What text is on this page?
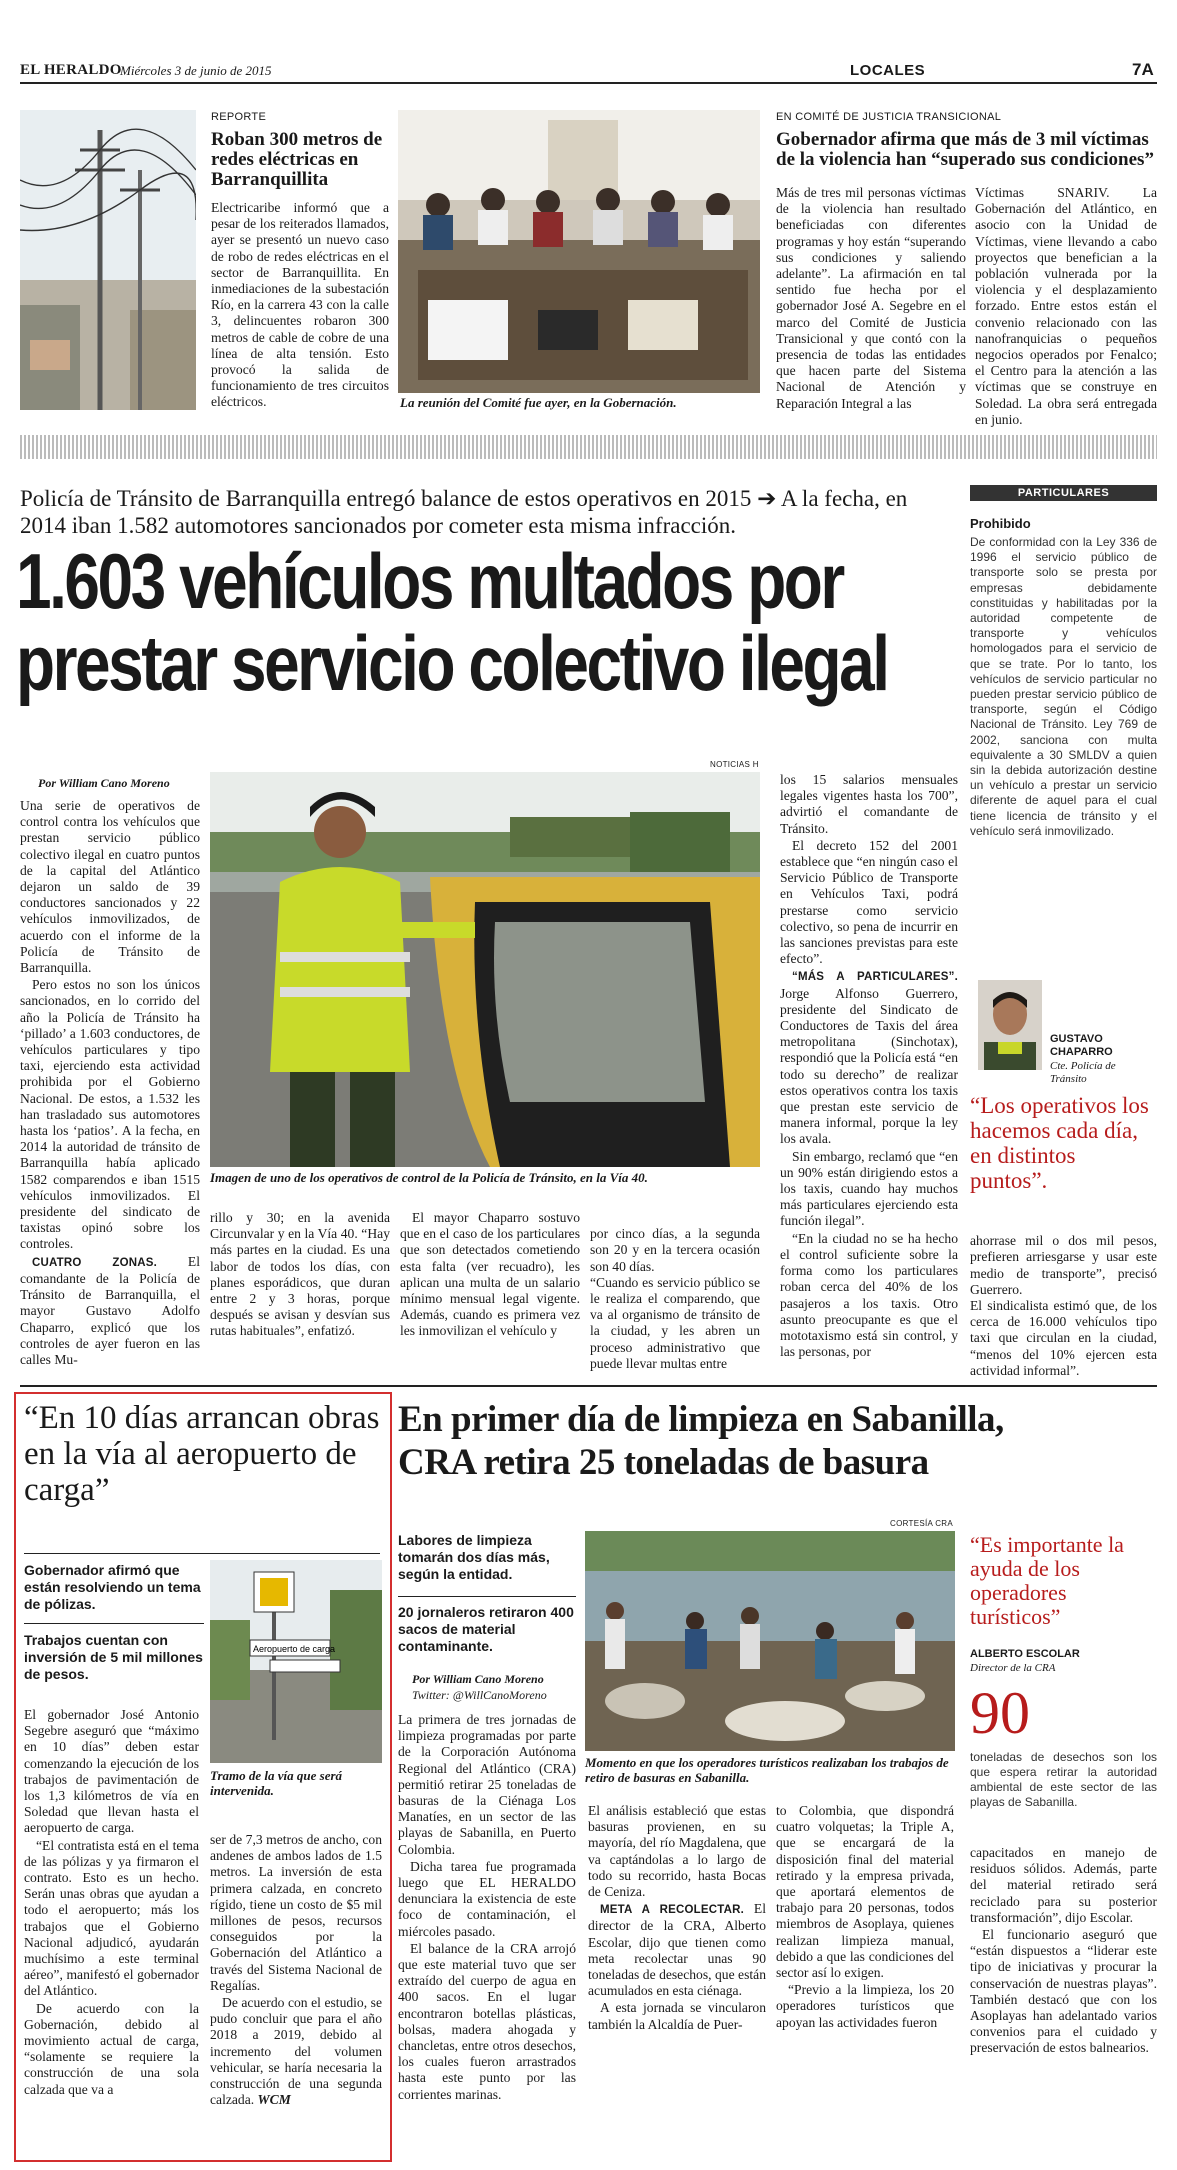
EL HERALDO
Miércoles 3 de junio de 2015	LOCALES	7A
REPORTE
Roban 300 metros de redes eléctricas en Barranquillita

Electricaribe informó que a pesar de los reiterados llamados, ayer se presentó un nuevo caso de robo de redes eléctricas en el sector de Barranquillita. En inmediaciones de la subestación Río, en la carrera 43 con la calle 3, delincuentes robaron 300 metros de cable de cobre de una línea de alta tensión. Esto provocó la salida de funcionamiento de tres circuitos eléctricos.	La reunión del Comité fue ayer, en la Gobernación.
EN COMITÉ DE JUSTICIA TRANSICIONAL
Gobernador afirma que más de 3 mil víctimas de la violencia han “superado sus condiciones”

Más de tres mil personas víctimas de la violencia han resultado beneficiadas con diferentes programas y hoy están “superando sus condiciones y saliendo adelante”. La afirmación en tal sentido fue hecha por el gobernador José A. Segebre en el marco del Comité de Justicia Transicional y que contó con la presencia de todas las entidades que hacen parte del Sistema Nacional de Atención y Reparación Integral a las

Víctimas SNARIV. La Gobernación del Atlántico, en asocio con la Unidad de Víctimas, viene llevando a cabo proyectos que benefician a la población vulnerada por la violencia y el desplazamiento forzado. Entre estos están el convenio relacionado con las nanofranquicias o pequeños negocios operados por Fenalco; el Centro para la atención a las víctimas que se construye en Soledad. La obra será entregada en junio.

Policía de Tránsito de Barranquilla entregó balance de estos operativos en 2015 ➔ A la fecha, en 2014 iban 1.582 automotores sancionados por cometer esta misma infracción.
1.603 vehículos multados por
prestar servicio colectivo ilegal
PARTICULARES
Prohibido
De conformidad con la Ley 336 de 1996 el servicio público de transporte solo se presta por empresas debidamente constituidas y habilitadas por la autoridad competente de transporte y vehículos homologados para el servicio de que se trate. Por lo tanto, los vehículos de servicio particular no pueden prestar servicio público de transporte, según el Código Nacional de Tránsito. Ley 769 de 2002, sanciona con multa equivalente a 30 SMLDV a quien sin la debida autorización destine un vehículo a prestar un servicio diferente de aquel para el cual tiene licencia de tránsito y el vehículo será inmovilizado.
GUSTAVO CHAPARRO
Cte. Policía de Tránsito
“Los operativos los hacemos cada día, en distintos puntos”.
NOTICIAS H
Imagen de uno de los operativos de control de la Policía de Tránsito, en la Vía 40.
Por William Cano Moreno

Una serie de operativos de control contra los vehículos que prestan servicio público colectivo ilegal en cuatro puntos de la capital del Atlántico dejaron un saldo de 39 conductores sancionados y 22 vehículos inmovilizados, de acuerdo con el informe de la Policía de Tránsito de Barranquilla.

Pero estos no son los únicos sancionados, en lo corrido del año la Policía de Tránsito ha ‘pillado’ a 1.603 conductores, de vehículos particulares y tipo taxi, ejerciendo esta actividad prohibida por el Gobierno Nacional. De estos, a 1.532 les han trasladado sus automotores hasta los ‘patios’. A la fecha, en 2014 la autoridad de tránsito de Barranquilla había aplicado 1582 comparendos e iban 1515 vehículos inmovilizados. El presidente del sindicato de taxistas opinó sobre los controles.

CUATRO ZONAS. El comandante de la Policía de Tránsito de Barranquilla, el mayor Gustavo Adolfo Chaparro, explicó que los controles de ayer fueron en las calles Mu-

rillo y 30; en la avenida Circunvalar y en la Vía 40. “Hay más partes en la ciudad. Es una labor de todos los días, con planes esporádicos, que duran entre 2 y 3 horas, porque después se avisan y desvían sus rutas habituales”, enfatizó.

El mayor Chaparro sostuvo que en el caso de los particulares que son detectados cometiendo esta falta (ver recuadro), les aplican una multa de un salario mínimo mensual legal vigente. Además, cuando es primera vez les inmovilizan el vehículo y

por cinco días, a la segunda son 20 y en la tercera ocasión son 40 días.
“Cuando es servicio público se le realiza el comparendo, que va al organismo de tránsito de la ciudad, y les abren un proceso administrativo que puede llevar multas entre

los 15 salarios mensuales legales vigentes hasta los 700”, advirtió el comandante de Tránsito.

El decreto 152 del 2001 establece que “en ningún caso el Servicio Público de Transporte en Vehículos Taxi, podrá prestarse como servicio colectivo, so pena de incurrir en las sanciones previstas para este efecto”.

“MÁS A PARTICULARES”. Jorge Alfonso Guerrero, presidente del Sindicato de Conductores de Taxis del área metropolitana (Sinchotax), respondió que la Policía está “en todo su derecho” de realizar estos operativos contra los taxis que prestan este servicio de manera informal, porque la ley los avala.

Sin embargo, reclamó que “en un 90% están dirigiendo estos a los taxis, cuando hay muchos más particulares ejerciendo esta función ilegal”.

“En la ciudad no se ha hecho el control suficiente sobre la forma como los particulares roban cerca del 40% de los pasajeros a los taxis. Otro asunto preocupante es que el mototaxismo está sin control, y las personas, por

ahorrase mil o dos mil pesos, prefieren arriesgarse y usar este medio de transporte”, precisó Guerrero.
El sindicalista estimó que, de los cerca de 16.000 vehículos tipo taxi que circulan en la ciudad, “menos del 10% ejercen esta actividad informal”.

“En 10 días arrancan obras en la vía al aeropuerto de carga”
Gobernador afirmó que están resolviendo un tema de pólizas.
Trabajos cuentan con inversión de 5 mil millones de pesos.
Aeropuerto de carga
Tramo de la vía que será intervenida.

El gobernador José Antonio Segebre aseguró que “máximo en 10 días” deben estar comenzando la ejecución de los trabajos de pavimentación de los 1,3 kilómetros de vía en Soledad que llevan hasta el aeropuerto de carga.

“El contratista está en el tema de las pólizas y ya firmaron el contrato. Esto es un hecho. Serán unas obras que ayudan a todo el aeropuerto; más los trabajos que el Gobierno Nacional adjudicó, ayudarán muchísimo a este terminal aéreo”, manifestó el gobernador del Atlántico.

De acuerdo con la Gobernación, debido al movimiento actual de carga, “solamente se requiere la construcción de una sola calzada que va a

ser de 7,3 metros de ancho, con andenes de ambos lados de 1.5 metros. La inversión de esta primera calzada, en concreto rígido, tiene un costo de $5 mil millones de pesos, recursos conseguidos por la Gobernación del Atlántico a través del Sistema Nacional de Regalías.

De acuerdo con el estudio, se pudo concluir que para el año 2018 a 2019, debido al incremento del volumen vehicular, se haría necesaria la construcción de una segunda calzada. WCM

En primer día de limpieza en Sabanilla,
CRA retira 25 toneladas de basura
Labores de limpieza tomarán dos días más, según la entidad.
20 jornaleros retiraron 400 sacos de material contaminante.
Por William Cano Moreno
Twitter: @WillCanoMoreno
CORTESÍA CRA
Momento en que los operadores turísticos realizaban los trabajos de retiro de basuras en Sabanilla.
“Es importante la ayuda de los operadores turísticos”
ALBERTO ESCOLAR
Director de la CRA
90
toneladas de desechos son los que espera retirar la autoridad ambiental de este sector de las playas de Sabanilla.

La primera de tres jornadas de limpieza programadas por parte de la Corporación Autónoma Regional del Atlántico (CRA) permitió retirar 25 toneladas de basuras de la Ciénaga Los Manatíes, en un sector de las playas de Sabanilla, en Puerto Colombia.

Dicha tarea fue programada luego que EL HERALDO denunciara la existencia de este foco de contaminación, el miércoles pasado.

El balance de la CRA arrojó que este material tuvo que ser extraído del cuerpo de agua en 400 sacos. En el lugar encontraron botellas plásticas, bolsas, madera ahogada y chancletas, entre otros desechos, los cuales fueron arrastrados hasta este punto por las corrientes marinas.

El análisis estableció que estas basuras provienen, en su mayoría, del río Magdalena, que va captándolas a lo largo de todo su recorrido, hasta Bocas de Ceniza.

META A RECOLECTAR. El director de la CRA, Alberto Escolar, dijo que tienen como meta recolectar unas 90 toneladas de desechos, que están acumulados en esta ciénaga.

A esta jornada se vincularon también la Alcaldía de Puer-

to Colombia, que dispondrá cuatro volquetas; la Triple A, que se encargará de la disposición final del material retirado y la empresa privada, que aportará elementos de trabajo para 20 personas, todos miembros de Asoplaya, quienes realizan limpieza manual, debido a que las condiciones del sector así lo exigen.

“Previo a la limpieza, los 20 operadores turísticos que apoyan las actividades fueron

capacitados en manejo de residuos sólidos. Además, parte del material retirado será reciclado para su posterior transformación”, dijo Escolar.

El funcionario aseguró que “están dispuestos a “liderar este tipo de iniciativas y procurar la conservación de nuestras playas”. También destacó que con los Asoplayas han adelantado varios convenios para el cuidado y preservación de estos balnearios.
